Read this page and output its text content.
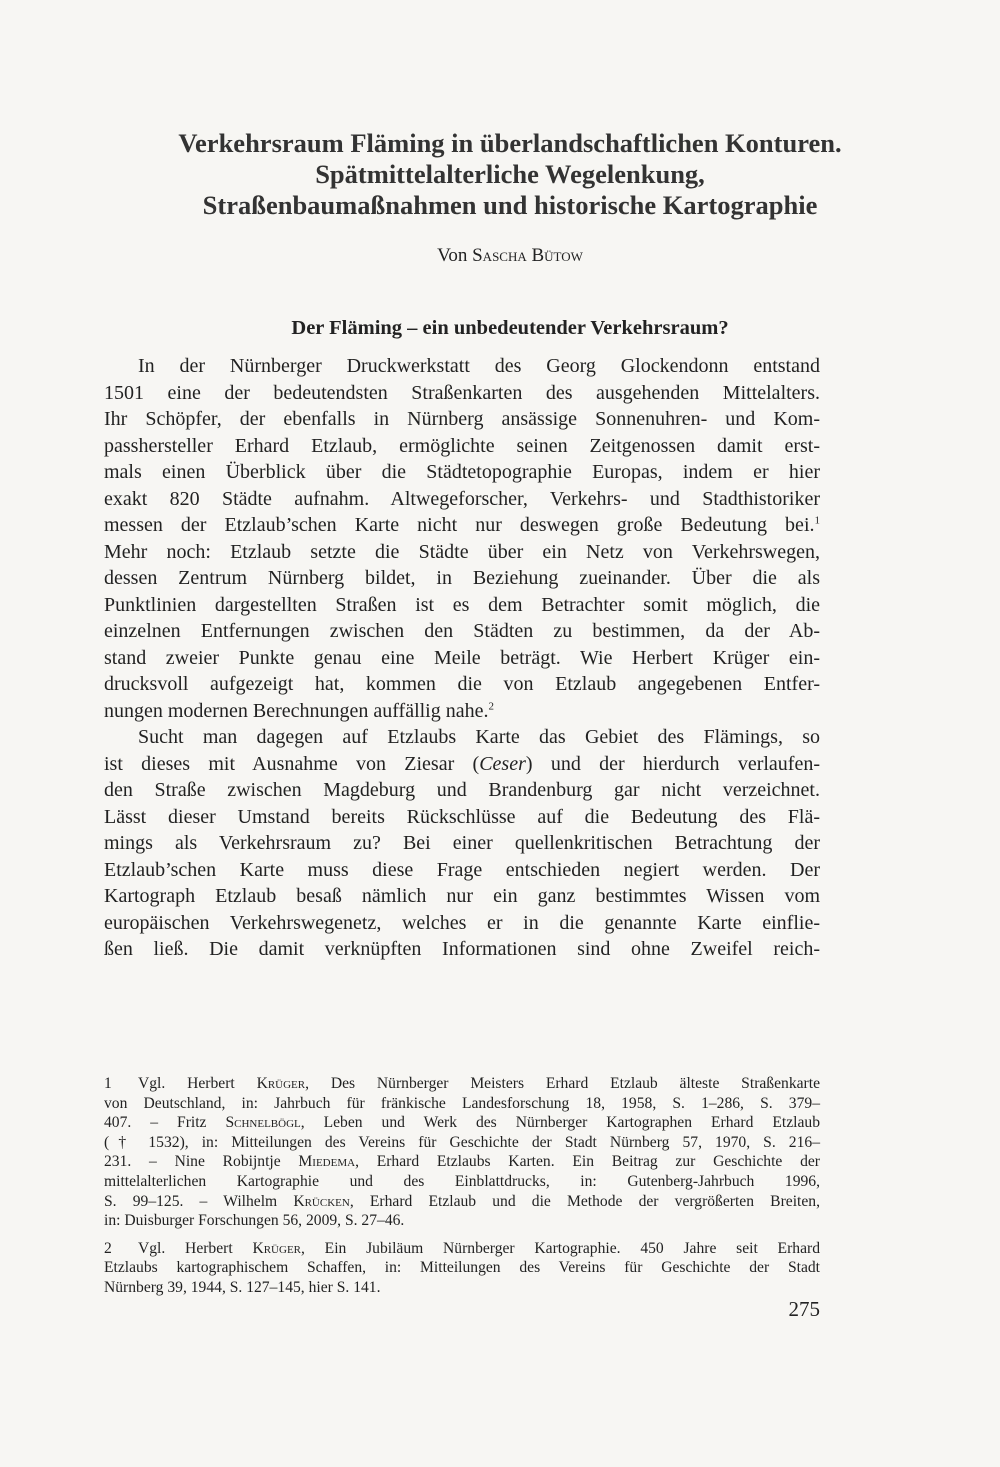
Verkehrsraum Fläming in überlandschaftlichen Konturen.
Spätmittelalterliche Wegelenkung,
Straßenbaumaßnahmen und historische Kartographie
Von Sascha Bütow
Der Fläming – ein unbedeutender Verkehrsraum?
In der Nürnberger Druckwerkstatt des Georg Glockendonn entstand
1501 eine der bedeutendsten Straßenkarten des ausgehenden Mittelalters.
Ihr Schöpfer, der ebenfalls in Nürnberg ansässige Sonnenuhren- und Kom-
passhersteller Erhard Etzlaub, ermöglichte seinen Zeitgenossen damit erst-
mals einen Überblick über die Städtetopographie Europas, indem er hier
exakt 820 Städte aufnahm. Altwegeforscher, Verkehrs- und Stadthistoriker
messen der Etzlaub’schen Karte nicht nur deswegen große Bedeutung bei.$^1$
Mehr noch: Etzlaub setzte die Städte über ein Netz von Verkehrswegen,
dessen Zentrum Nürnberg bildet, in Beziehung zueinander. Über die als
Punktlinien dargestellten Straßen ist es dem Betrachter somit möglich, die
einzelnen Entfernungen zwischen den Städten zu bestimmen, da der Ab-
stand zweier Punkte genau eine Meile beträgt. Wie Herbert Krüger ein-
drucksvoll aufgezeigt hat, kommen die von Etzlaub angegebenen Entfer-
nungen modernen Berechnungen auffällig nahe.$^2$
Sucht man dagegen auf Etzlaubs Karte das Gebiet des Flämings, so
ist dieses mit Ausnahme von Ziesar (Ceser) und der hierdurch verlaufen-
den Straße zwischen Magdeburg und Brandenburg gar nicht verzeichnet.
Lässt dieser Umstand bereits Rückschlüsse auf die Bedeutung des Flä-
mings als Verkehrsraum zu? Bei einer quellenkritischen Betrachtung der
Etzlaub’schen Karte muss diese Frage entschieden negiert werden. Der
Kartograph Etzlaub besaß nämlich nur ein ganz bestimmtes Wissen vom
europäischen Verkehrswegenetz, welches er in die genannte Karte einflie-
ßen ließ. Die damit verknüpften Informationen sind ohne Zweifel reich-
1 Vgl. Herbert Krüger, Des Nürnberger Meisters Erhard Etzlaub älteste Straßenkarte
von Deutschland, in: Jahrbuch für fränkische Landesforschung 18, 1958, S. 1–286, S. 379–
407. – Fritz Schnelbögl, Leben und Werk des Nürnberger Kartographen Erhard Etzlaub
(† 1532), in: Mitteilungen des Vereins für Geschichte der Stadt Nürnberg 57, 1970, S. 216–
231. – Nine Robijntje Miedema, Erhard Etzlaubs Karten. Ein Beitrag zur Geschichte der
mittelalterlichen Kartographie und des Einblattdrucks, in: Gutenberg-Jahrbuch 1996,
S. 99–125. – Wilhelm Krücken, Erhard Etzlaub und die Methode der vergrößerten Breiten,
in: Duisburger Forschungen 56, 2009, S. 27–46.
2 Vgl. Herbert Krüger, Ein Jubiläum Nürnberger Kartographie. 450 Jahre seit Erhard
Etzlaubs kartographischem Schaffen, in: Mitteilungen des Vereins für Geschichte der Stadt
Nürnberg 39, 1944, S. 127–145, hier S. 141.
275
